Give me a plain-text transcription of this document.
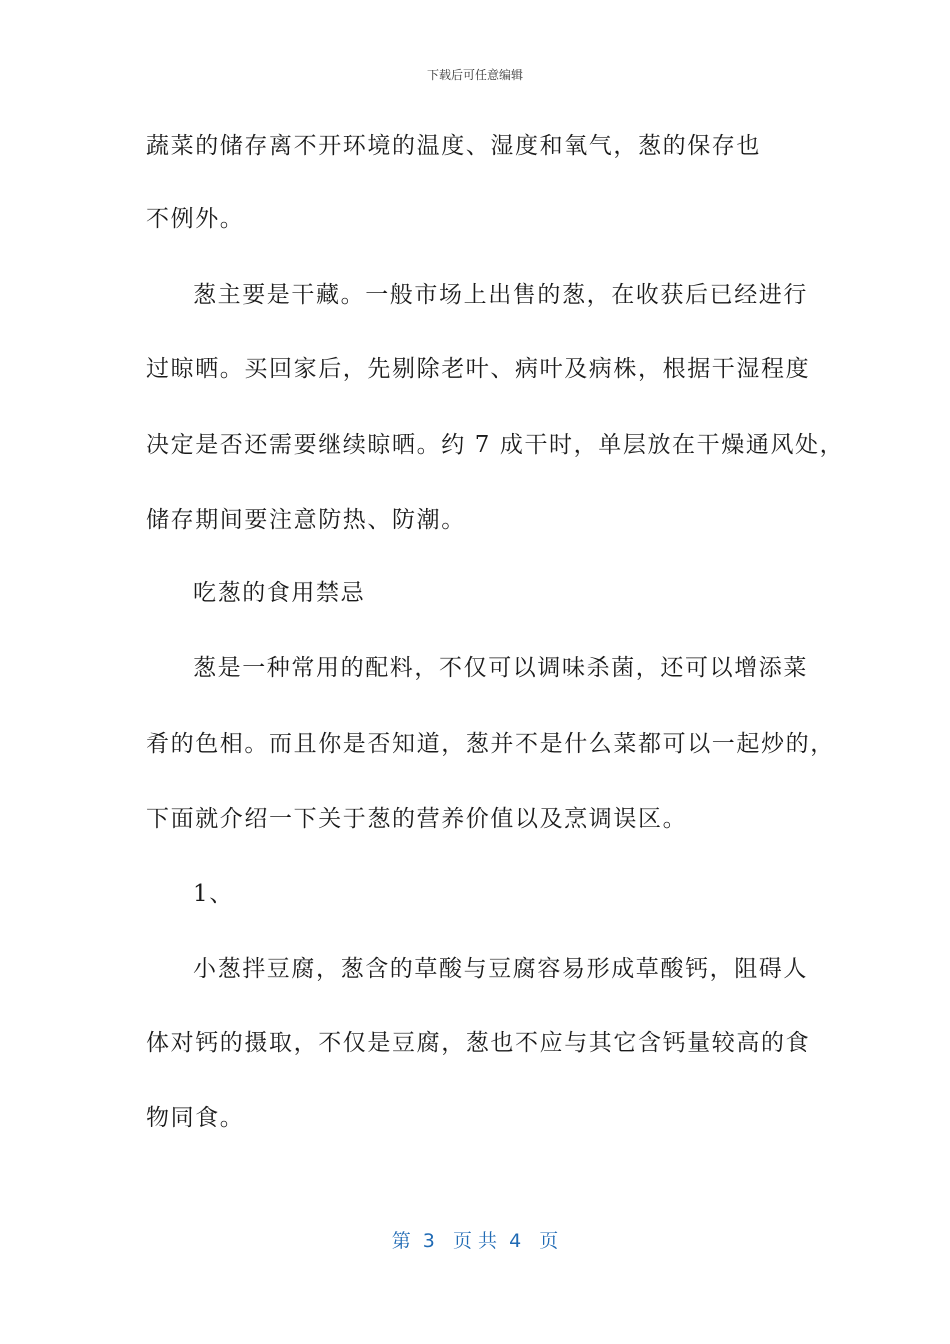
下载后可任意编辑
蔬菜的储存离不开环境的温度、湿度和氧气，葱的保存也
不例外。
葱主要是干藏。一般市场上出售的葱，在收获后已经进行
过晾晒。买回家后，先剔除老叶、病叶及病株，根据干湿程度
决定是否还需要继续晾晒。约 7 成干时，单层放在干燥通风处，
储存期间要注意防热、防潮。
吃葱的食用禁忌
葱是一种常用的配料，不仅可以调味杀菌，还可以增添菜
肴的色相。而且你是否知道，葱并不是什么菜都可以一起炒的，
下面就介绍一下关于葱的营养价值以及烹调误区。
1、
小葱拌豆腐，葱含的草酸与豆腐容易形成草酸钙，阻碍人
体对钙的摄取，不仅是豆腐，葱也不应与其它含钙量较高的食
物同食。
第  3   页 共  4   页
